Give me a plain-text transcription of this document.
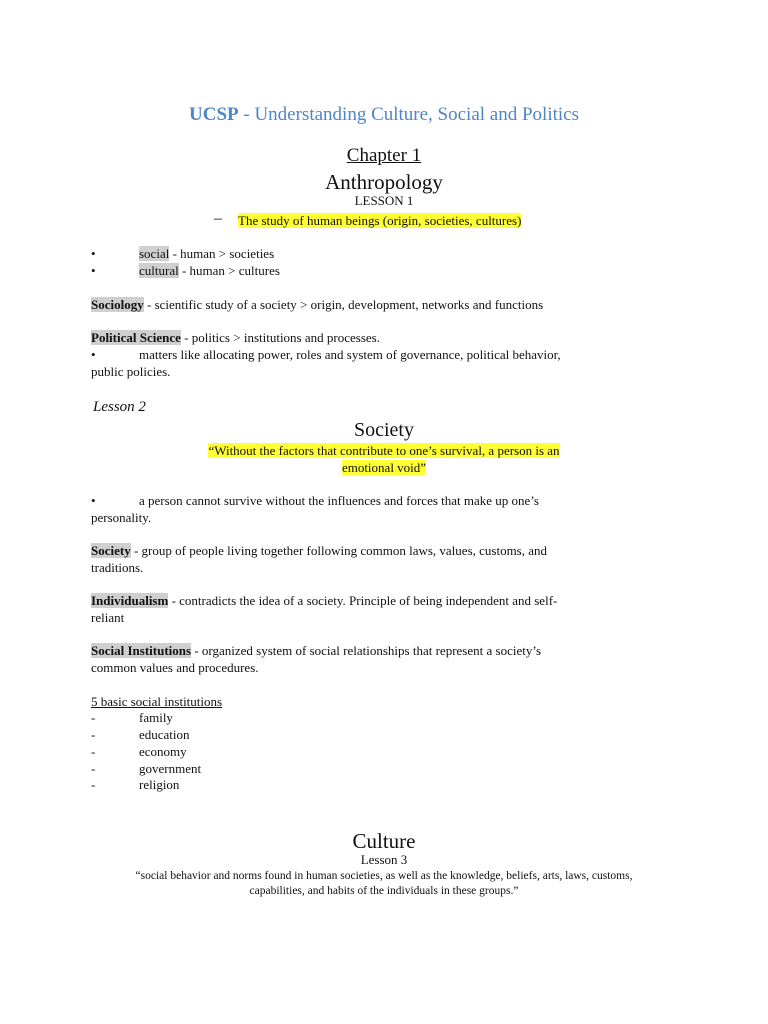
UCSP - Understanding Culture, Social and Politics
Chapter 1
Anthropology
LESSON 1
– The study of human beings (origin, societies, cultures)
•	social - human > societies
•	cultural - human > cultures
Sociology - scientific study of a society > origin, development, networks and functions
Political Science - politics > institutions and processes.
•	matters like allocating power, roles and system of governance, political behavior,
public policies.
Lesson 2
Society
“Without the factors that contribute to one’s survival, a person is an
emotional void”
•	a person cannot survive without the influences and forces that make up one’s
personality.
Society - group of people living together following common laws, values, customs, and
traditions.
Individualism - contradicts the idea of a society. Principle of being independent and self-
reliant
Social Institutions - organized system of social relationships that represent a society’s
common values and procedures.
5 basic social institutions
-	family
-	education
-	economy
-	government
-	religion
Culture
Lesson 3
“social behavior and norms found in human societies, as well as the knowledge, beliefs, arts, laws, customs, capabilities, and habits of the individuals in these groups.”
